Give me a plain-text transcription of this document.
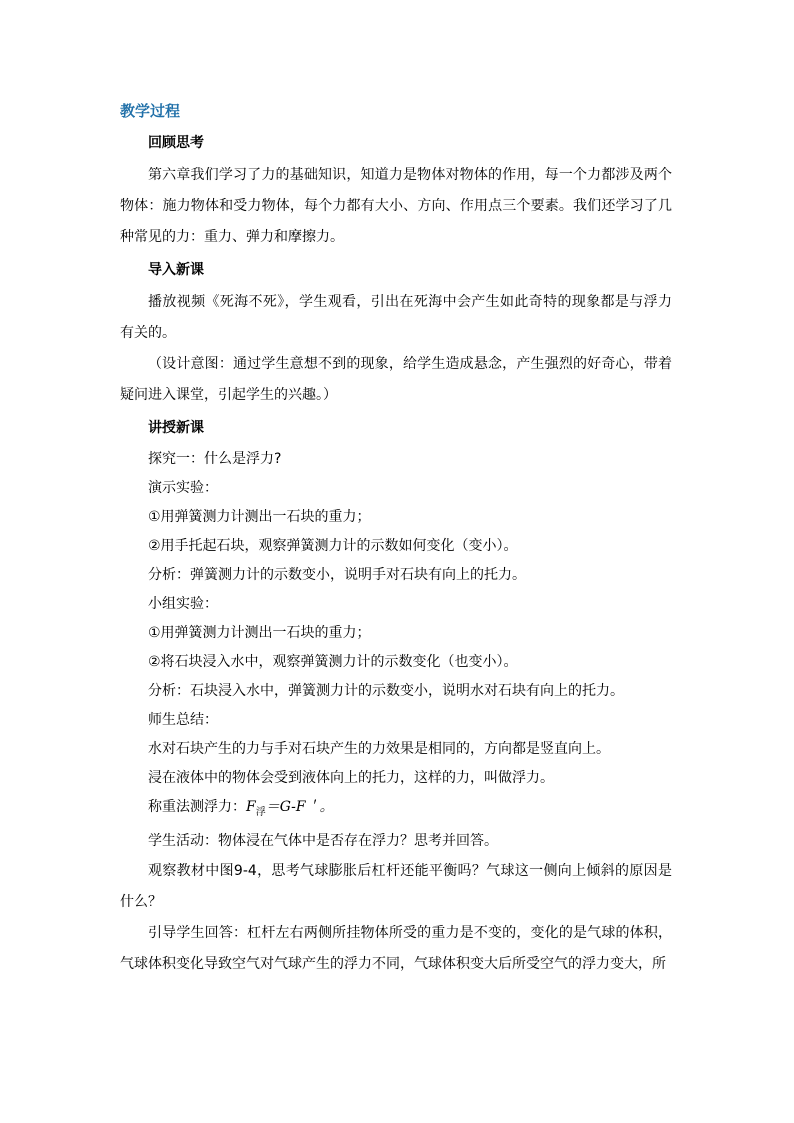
教学过程
回顾思考

第六章我们学习了力的基础知识，知道力是物体对物体的作用，每一个力都涉及两个物体：施力物体和受力物体，每个力都有大小、方向、作用点三个要素。我们还学习了几种常见的力：重力、弹力和摩擦力。

导入新课

播放视频《死海不死》，学生观看，引出在死海中会产生如此奇特的现象都是与浮力有关的。

（设计意图：通过学生意想不到的现象，给学生造成悬念，产生强烈的好奇心，带着疑问进入课堂，引起学生的兴趣。）

讲授新课

探究一：什么是浮力?

演示实验：

①用弹簧测力计测出一石块的重力；

②用手托起石块，观察弹簧测力计的示数如何变化（变小）。

分析：弹簧测力计的示数变小，说明手对石块有向上的托力。

小组实验：

①用弹簧测力计测出一石块的重力；

②将石块浸入水中，观察弹簧测力计的示数变化（也变小）。

分析：石块浸入水中，弹簧测力计的示数变小，说明水对石块有向上的托力。

师生总结：

水对石块产生的力与手对石块产生的力效果是相同的，方向都是竖直向上。

浸在液体中的物体会受到液体向上的托力，这样的力，叫做浮力。

称重法测浮力：$F_浮=G-F$＇。

学生活动：物体浸在气体中是否存在浮力？思考并回答。

观察教材中图9-4，思考气球膨胀后杠杆还能平衡吗？气球这一侧向上倾斜的原因是什么？

引导学生回答：杠杆左右两侧所挂物体所受的重力是不变的，变化的是气球的体积，气球体积变化导致空气对气球产生的浮力不同，气球体积变大后所受空气的浮力变大，所
